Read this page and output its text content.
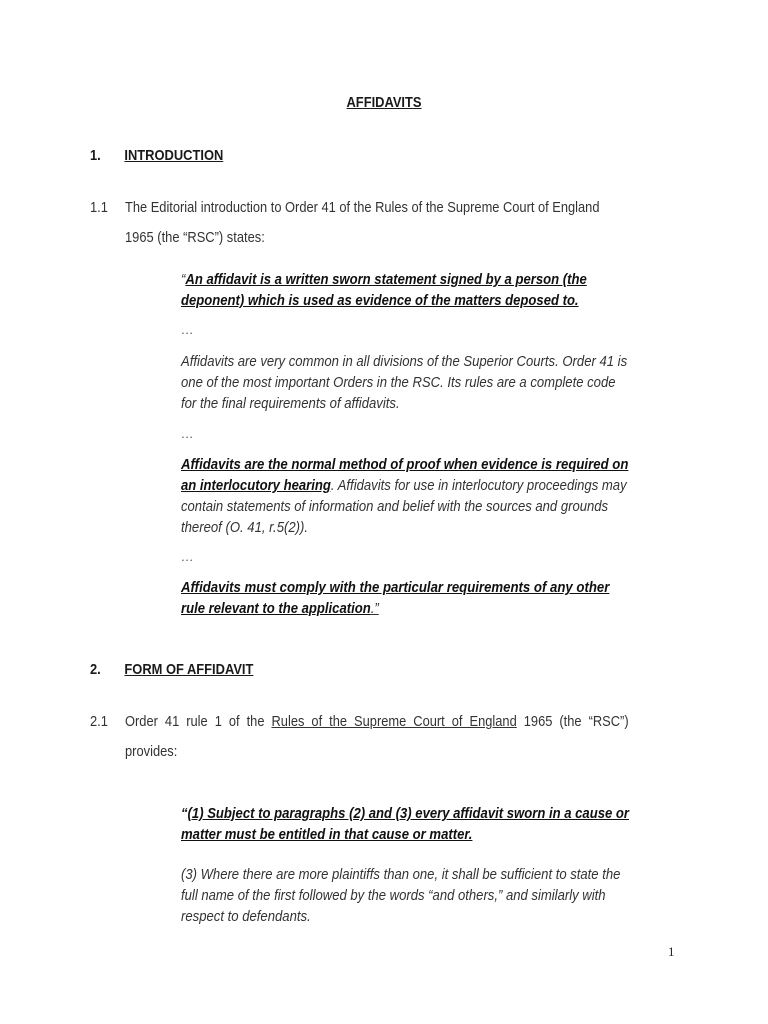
AFFIDAVITS
1. INTRODUCTION
1.1	The Editorial introduction to Order 41 of the Rules of the Supreme Court of England
1965 (the “RSC”) states:
“An affidavit is a written sworn statement signed by a person (the
deponent) which is used as evidence of the matters deposed to.
…
Affidavits are very common in all divisions of the Superior Courts. Order 41 is
one of the most important Orders in the RSC. Its rules are a complete code
for the final requirements of affidavits.
…
Affidavits are the normal method of proof when evidence is required on
an interlocutory hearing. Affidavits for use in interlocutory proceedings may
contain statements of information and belief with the sources and grounds
thereof (O. 41, r.5(2)).
…
Affidavits must comply with the particular requirements of any other
rule relevant to the application.”
2. FORM OF AFFIDAVIT
2.1	Order 41 rule 1 of the Rules of the Supreme Court of England 1965 (the “RSC”)
provides:
“(1) Subject to paragraphs (2) and (3) every affidavit sworn in a cause or
matter must be entitled in that cause or matter.
(3) Where there are more plaintiffs than one, it shall be sufficient to state the
full name of the first followed by the words “and others,” and similarly with
respect to defendants.
1
